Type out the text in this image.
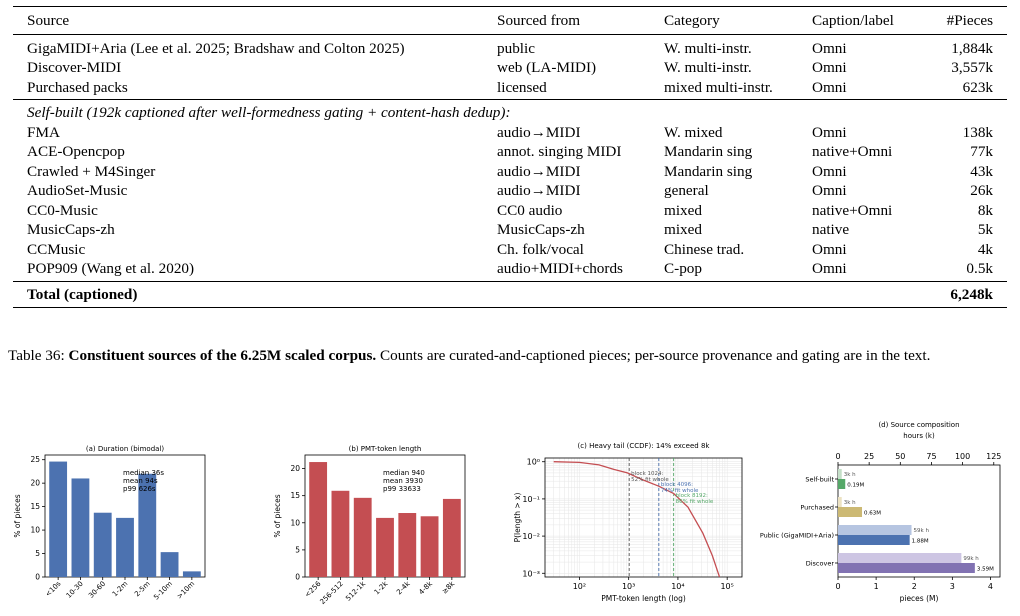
Source	Sourced from	Category	Caption/label	#Pieces
GigaMIDI+Aria (Lee et al. 2025; Bradshaw and Colton 2025)	public	W. multi-instr.	Omni	1,884k
Discover-MIDI	web (LA-MIDI)	W. multi-instr.	Omni	3,557k
Purchased packs	licensed	mixed multi-instr.	Omni	623k
Self-built (192k captioned after well-formedness gating + content-hash dedup):				
FMA	audio→MIDI	W. mixed	Omni	138k
ACE-Opencpop	annot. singing MIDI	Mandarin sing	native+Omni	77k
Crawled + M4Singer	audio→MIDI	Mandarin sing	Omni	43k
AudioSet-Music	audio→MIDI	general	Omni	26k
CC0-Music	CC0 audio	mixed	native+Omni	8k
MusicCaps-zh	MusicCaps-zh	mixed	native	5k
CCMusic	Ch. folk/vocal	Chinese trad.	Omni	4k
POP909 (Wang et al. 2020)	audio+MIDI+chords	C-pop	Omni	0.5k
Total (captioned)				6,248k
Table 36: Constituent sources of the 6.25M scaled corpus. Counts are curated-and-captioned pieces; per-source provenance and gating are in the text.
(a) Duration (bimodal)
0
5
10
15
20
25
% of pieces
<10s 10-30 30-60 1-2m 2-5m 5-10m >10m
median 36s
mean 94s
p99 626s
(b) PMT-token length
0
5
10
15
20
% of pieces
<256
256-512 512-1k 1-2k 2-4k 4-8k ≥8k
median 940
mean 3930
p99 33633
(c) Heavy tail (CCDF): 14% exceed 8k
10²	10³	10⁴	10⁵
10⁻³
10⁻²
10⁻¹
10⁰
PMT-token length (log)
P(length > x)
block 1024:
52% fit whole
block 4096:
74% fit whole
block 8192:
86% fit whole
(d) Source composition
hours (k)
0	25	50	75 100 125
0	1	2	3	4
pieces (M)
Self-built
3k h
0.19M
Purchased
3k h
0.63M
Public (GigaMIDI+Aria)
59k h
1.88M
Discover
99k h
3.59M
